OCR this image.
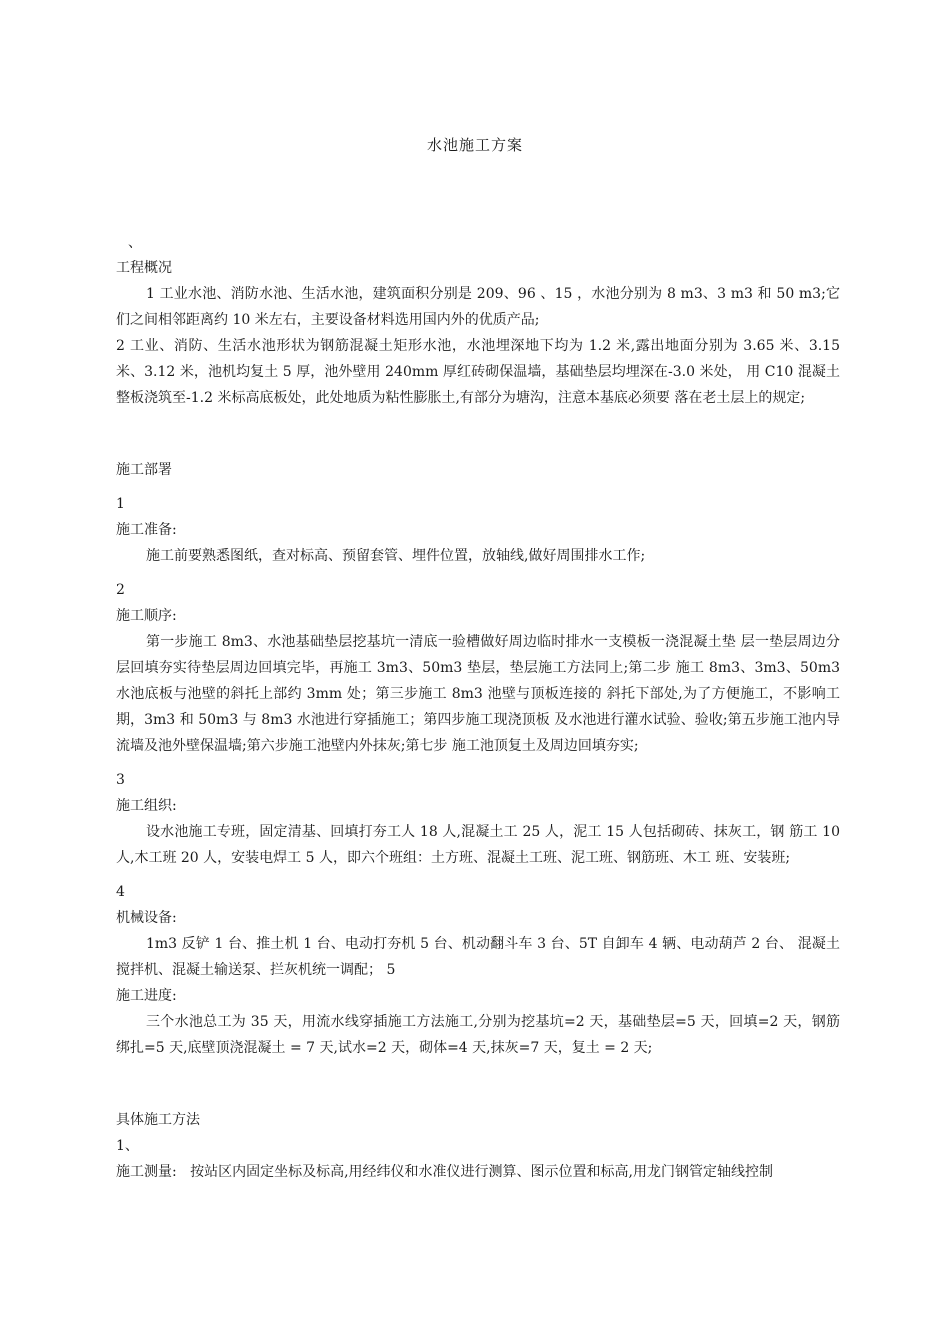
水池施工方案
、

工程概况

1 工业水池、消防水池、生活水池，建筑面积分别是 209、96 、15 ，水池分别为 8 m3、3 m3 和 50 m3;它们之间相邻距离约 10 米左右，主要设备材料选用国内外的优质产品;

2 工业、消防、生活水池形状为钢筋混凝土矩形水池，水池埋深地下均为 1.2 米,露出地面分别为 3.65 米、3.15 米、3.12 米，池机均复土 5 厚，池外壁用 240mm 厚红砖砌保温墙，基础垫层均埋深在-3.0 米处， 用 C10 混凝土整板浇筑至-1.2 米标高底板处，此处地质为粘性膨胀土,有部分为塘沟，注意本基底必须要 落在老土层上的规定;

施工部署

1

施工准备:

施工前要熟悉图纸，查对标高、预留套管、埋件位置，放轴线,做好周围排水工作;

2

施工顺序:

第一步施工 8m3、水池基础垫层挖基坑一清底一验槽做好周边临时排水一支模板一浇混凝土垫 层一垫层周边分层回填夯实待垫层周边回填完毕，再施工 3m3、50m3 垫层，垫层施工方法同上;第二步 施工 8m3、3m3、50m3 水池底板与池壁的斜托上部约 3mm 处；第三步施工 8m3 池壁与顶板连接的 斜托下部处,为了方便施工，不影响工期，3m3 和 50m3 与 8m3 水池进行穿插施工；第四步施工现浇顶板 及水池进行灌水试验、验收;第五步施工池内导流墙及池外壁保温墙;第六步施工池壁内外抹灰;第七步 施工池顶复土及周边回填夯实;

3

施工组织:

设水池施工专班，固定清基、回填打夯工人 18 人,混凝土工 25 人，泥工 15 人包括砌砖、抹灰工，钢 筋工 10 人,木工班 20 人，安装电焊工 5 人，即六个班组：土方班、混凝土工班、泥工班、钢筋班、木工 班、安装班;

4

机械设备:

1m3 反铲 1 台、推土机 1 台、电动打夯机 5 台、机动翻斗车 3 台、5T 自卸车 4 辆、电动葫芦 2 台、 混凝土搅拌机、混凝土输送泵、拦灰机统一调配； 5

施工进度:

三个水池总工为 35 天，用流水线穿插施工方法施工,分别为挖基坑=2 天，基础垫层=5 天，回填=2 天，钢筋绑扎=5 天,底壁顶浇混凝土 = 7 天,试水=2 天，砌体=4 天,抹灰=7 天，复土 = 2 天;

具体施工方法

1、

施工测量:   按站区内固定坐标及标高,用经纬仪和水准仪进行测算、图示位置和标高,用龙门钢管定轴线控制
